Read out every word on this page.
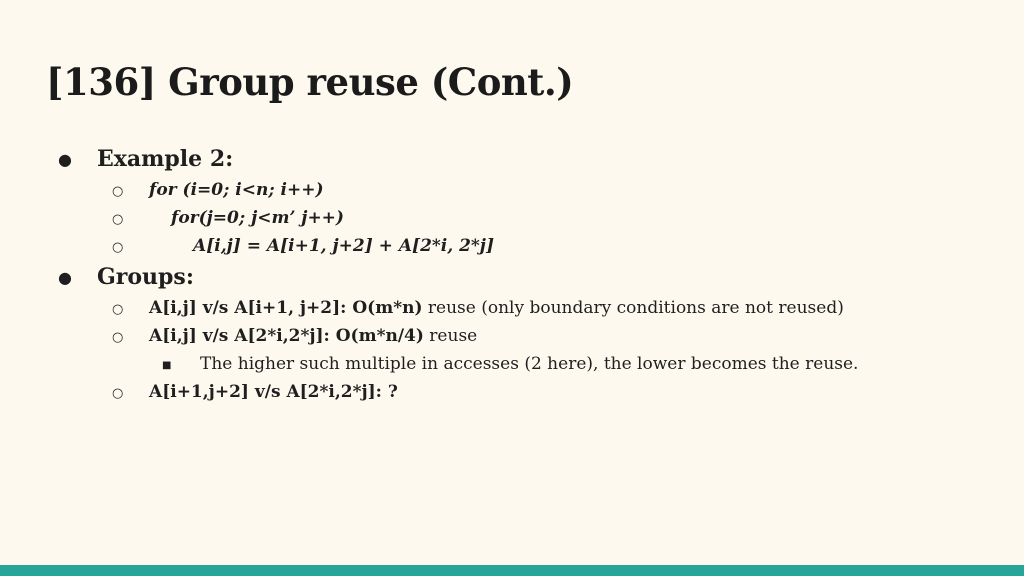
[136] Group reuse (Cont.)
● Example 2:
○ for (i=0; i<n; i++)
○	for(j=0; j<m’ j++)
○	A[i,j] = A[i+1, j+2] + A[2*i, 2*j]
● Groups:
○ A[i,j] v/s A[i+1, j+2]: O(m*n) reuse (only boundary conditions are not reused)
○ A[i,j] v/s A[2*i,2*j]: O(m*n/4) reuse
■ The higher such multiple in accesses (2 here), the lower becomes the reuse.
○ A[i+1,j+2] v/s A[2*i,2*j]: ?
